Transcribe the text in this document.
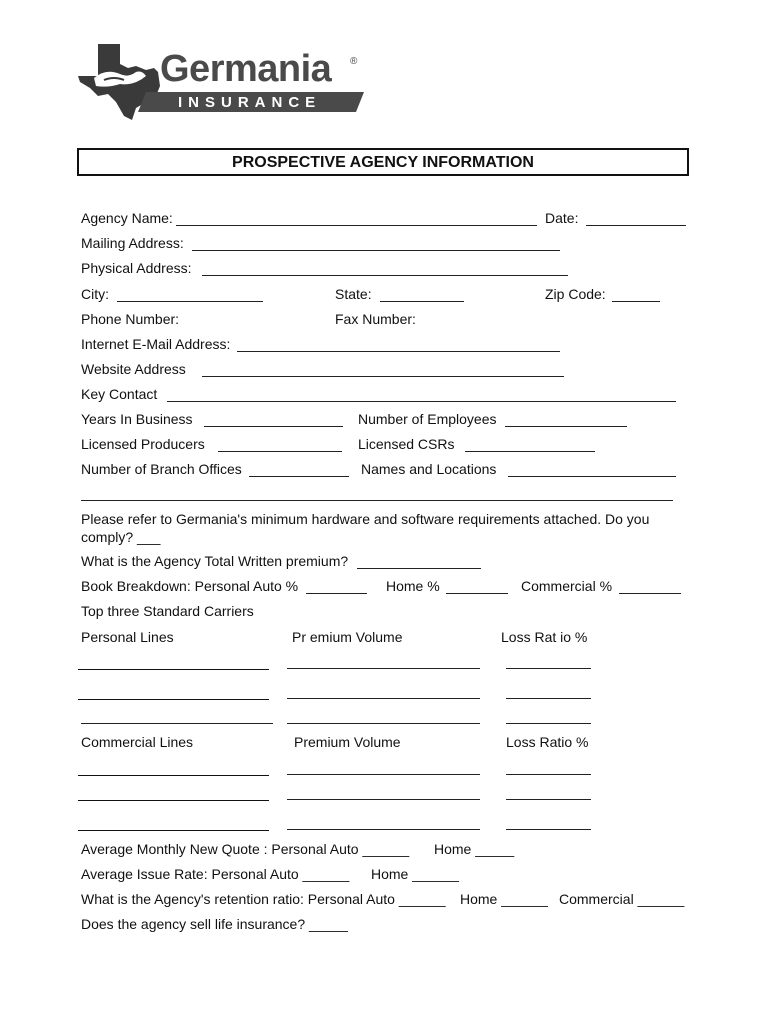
Germania ®
INSURANCE
PROSPECTIVE AGENCY INFORMATION
Agency Name:	Date:
Mailing Address:
Physical Address:
City:	State:	Zip Code:
Phone Number:	Fax Number:
Internet E-Mail Address:
Website Address
Key Contact
Years In Business	Number of Employees
Licensed Producers	Licensed CSRs
Number of Branch Offices	Names and Locations
Please refer to Germania's minimum hardware and software requirements attached. Do you
comply? ___
What is the Agency Total Written premium?
Book Breakdown: Personal Auto %	Home %	Commercial %
Top three Standard Carriers
Personal Lines	Pr emium Volume	Loss Rat io %
Commercial Lines	Premium Volume	Loss Ratio %
Average Monthly New Quote : Personal Auto ______ Home _____
Average Issue Rate: Personal Auto ______ Home ______
What is the Agency's retention ratio: Personal Auto ______ Home ______ Commercial ______
Does the agency sell life insurance? _____
